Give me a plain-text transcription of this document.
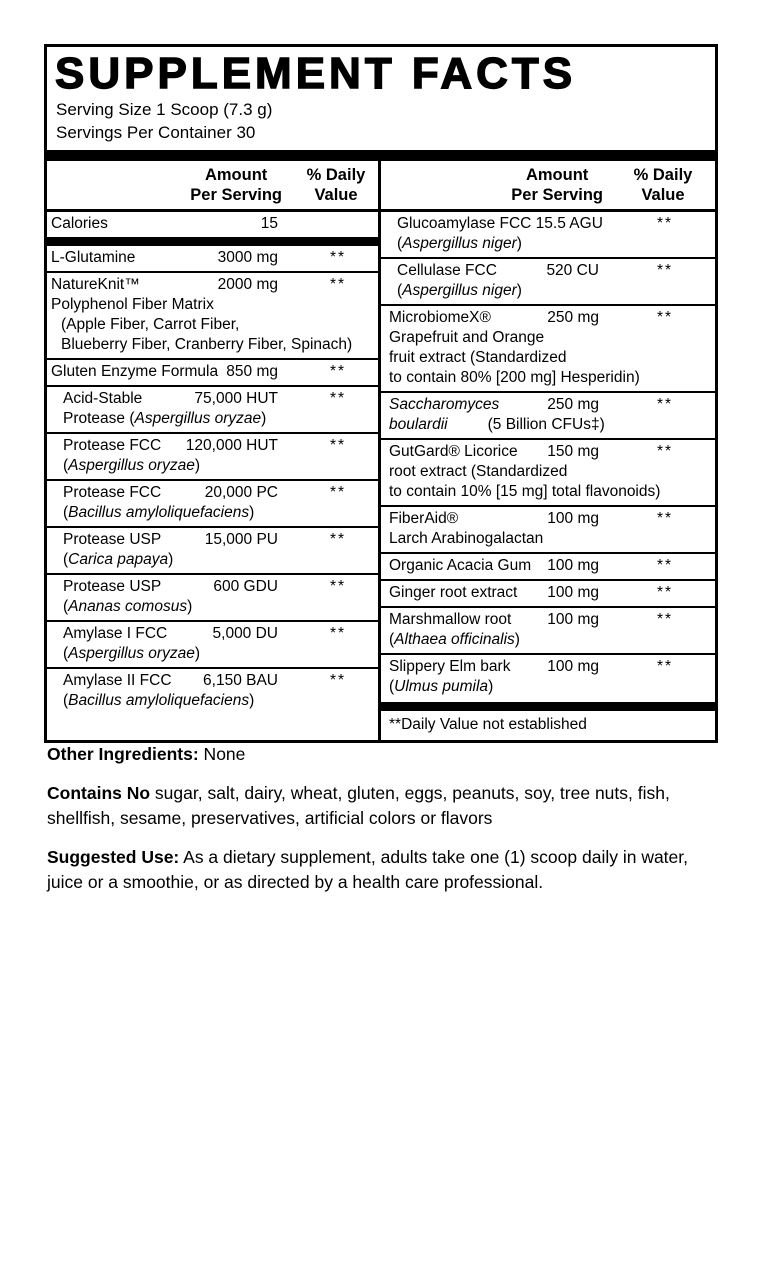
SUPPLEMENT FACTS
Serving Size 1 Scoop (7.3 g)
Servings Per Container 30
Amount
Per Serving
% Daily
Value
Calories	15
L-Glutamine	3000 mg	**
NatureKnit™	2000 mg	**
Polyphenol Fiber Matrix
(Apple Fiber, Carrot Fiber,
Blueberry Fiber, Cranberry Fiber, Spinach)
Gluten Enzyme Formula 850 mg	**
Acid-Stable	75,000 HUT	**
Protease (Aspergillus oryzae)
Protease FCC 120,000 HUT	**
(Aspergillus oryzae)
Protease FCC	20,000 PC	**
(Bacillus amyloliquefaciens)
Protease USP	15,000 PU	**
(Carica papaya)
Protease USP	600 GDU	**
(Ananas comosus)
Amylase I FCC	5,000 DU	**
(Aspergillus oryzae)
Amylase II FCC 6,150 BAU	**
(Bacillus amyloliquefaciens)
Amount
Per Serving
% Daily
Value
Glucoamylase FCC 15.5 AGU	**
(Aspergillus niger)
Cellulase FCC	520 CU	**
(Aspergillus niger)
MicrobiomeX®	250 mg	**
Grapefruit and Orange
fruit extract (Standardized
to contain 80% [200 mg] Hesperidin)
Saccharomyces	250 mg	**
boulardii	(5 Billion CFUs‡)
GutGard® Licorice 150 mg	**
root extract (Standardized
to contain 10% [15 mg] total flavonoids)
FiberAid®	100 mg	**
Larch Arabinogalactan
Organic Acacia Gum 100 mg	**
Ginger root extract 100 mg	**
Marshmallow root 100 mg	**
(Althaea officinalis)
Slippery Elm bark 100 mg	**
(Ulmus pumila)
**Daily Value not established

Other Ingredients: None

Contains No sugar, salt, dairy, wheat, gluten, eggs, peanuts, soy, tree nuts, fish, shellfish, sesame, preservatives, artificial colors or flavors

Suggested Use: As a dietary supplement, adults take one (1) scoop daily in water, juice or a smoothie, or as directed by a health care professional.
